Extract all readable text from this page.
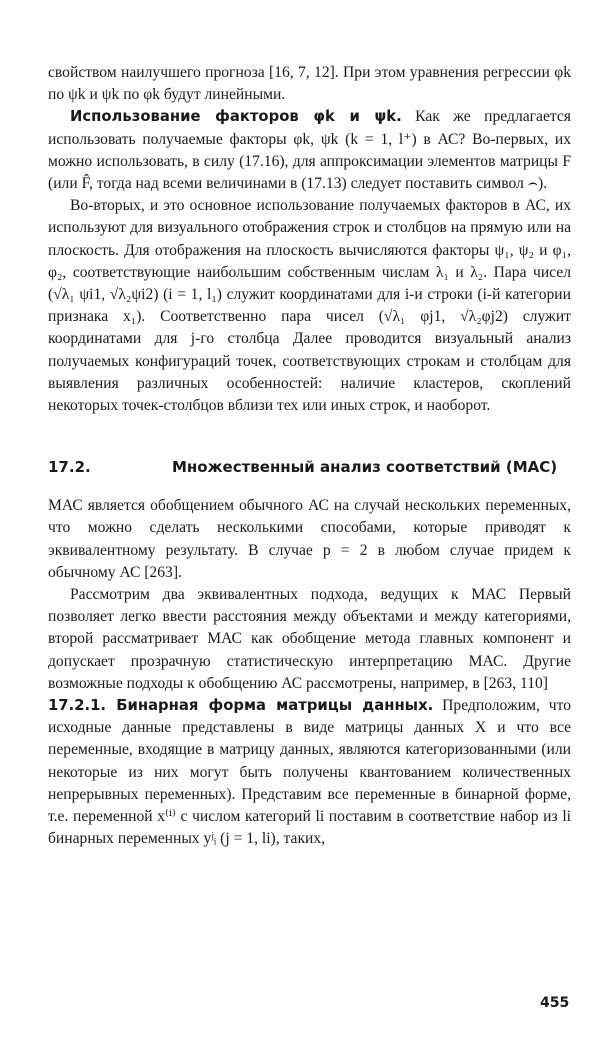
свойством наилучшего прогноза [16, 7, 12]. При этом уравнения регрессии φk по ψk и ψk по φk будут линейными.

Использование факторов φk и ψk. Как же предлагается использовать получаемые факторы φk, ψk (k = 1, l⁺) в АС? Во-первых, их можно использовать, в силу (17.16), для аппроксимации элементов матрицы F (или F̂, тогда над всеми величинами в (17.13) следует поставить символ ⌢).

Во-вторых, и это основное использование получаемых факторов в АС, их используют для визуального отображения строк и столбцов на прямую или на плоскость. Для отображения на плоскость вычисляются факторы ψ₁, ψ₂ и φ₁, φ₂, соответствующие наибольшим собственным числам λ₁ и λ₂. Пара чисел (√λ₁ ψi1, √λ₂ψi2) (i = 1, l₁) служит координатами для i-и строки (i-й категории признака x₁). Соответственно пара чисел (√λ₁ φj1, √λ₂φj2) служит координатами для j-го столбца Далее проводится визуальный анализ получаемых конфигураций точек, соответствующих строкам и столбцам для выявления различных особенностей: наличие кластеров, скоплений некоторых точек-столбцов вблизи тех или иных строк, и наоборот.

17.2.	Множественный анализ соответствий (МАС)

МАС является обобщением обычного АС на случай нескольких переменных, что можно сделать несколькими способами, которые приводят к эквивалентному результату. В случае p = 2 в любом случае придем к обычному АС [263].

Рассмотрим два эквивалентных подхода, ведущих к МАС Первый позволяет легко ввести расстояния между объектами и между категориями, второй рассматривает МАС как обобщение метода главных компонент и допускает прозрачную статистическую интерпретацию МАС. Другие возможные подходы к обобщению АС рассмотрены, например, в [263, 110]

17.2.1. Бинарная форма матрицы данных. Предположим, что исходные данные представлены в виде матрицы данных X и что все переменные, входящие в матрицу данных, являются категоризованными (или некоторые из них могут быть получены квантованием количественных непрерывных переменных). Представим все переменные в бинарной форме, т.е. переменной x⁽ⁱ⁾ с числом категорий li поставим в соответствие набор из li бинарных переменных yʲᵢ (j = 1, li), таких,

455
